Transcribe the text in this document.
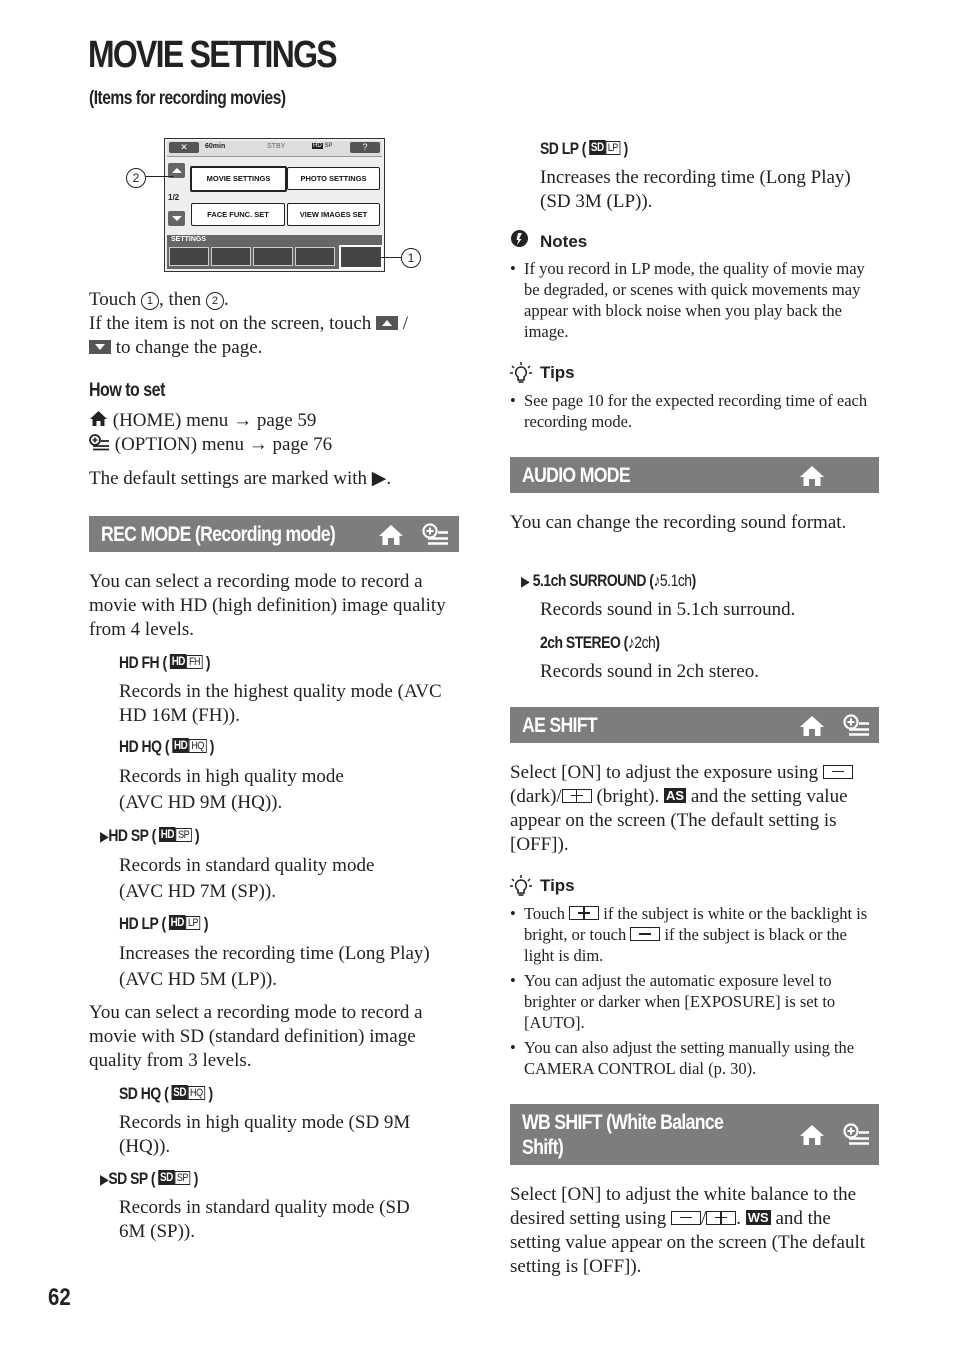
MOVIE SETTINGS
(Items for recording movies)
✕	60min	STBY	HD SP	?
1/2
MOVIE SETTINGS	PHOTO SETTINGS
FACE FUNC. SET	VIEW IMAGES SET
SETTINGS
2
1
Touch 1 , then 2 .
If the item is not on the screen, touch
/
to change the page.
How to set
(HOME) menu → page 59
(OPTION) menu → page 76
The default settings are marked with ▶.
REC MODE (Recording mode)
You can select a recording mode to record a movie with HD (high definition) image quality from 4 levels.
HD FH ( HD FH )
Records in the highest quality mode (AVC
HD 16M (FH)).
HD HQ ( HD HQ )
Records in high quality mode
(AVC HD 9M (HQ)).
▶HD SP ( HD SP )
Records in standard quality mode
(AVC HD 7M (SP)).
HD LP ( HD LP )
Increases the recording time (Long Play)
(AVC HD 5M (LP)).
You can select a recording mode to record a movie with SD (standard definition) image quality from 3 levels.
SD HQ ( SD HQ )
Records in high quality mode (SD 9M
(HQ)).
▶SD SP ( SD SP )
Records in standard quality mode (SD
6M (SP)).
SD LP ( SD LP )
Increases the recording time (Long Play)
(SD 3M (LP)).
Notes
• If you record in LP mode, the quality of movie may be degraded, or scenes with quick movements may appear with block noise when you play back the image.
Tips
• See page 10 for the expected recording time of each recording mode.
AUDIO MODE
You can change the recording sound format.
▶ 5.1ch SURROUND (♪5.1ch)
Records sound in 5.1ch surround.
2ch STEREO (♪2ch)
Records sound in 2ch stereo.
AE SHIFT
Select [ON] to adjust the exposure using
(dark)/ (bright). AS and the setting value appear on the screen (The default setting is [OFF]).
Tips
• Touch if the subject is white or the backlight is bright, or touch if the subject is black or the light is dim.
• You can adjust the automatic exposure level to brighter or darker when [EXPOSURE] is set to [AUTO].
• You can also adjust the setting manually using the CAMERA CONTROL dial (p. 30).
WB SHIFT (White Balance
Shift)
Select [ON] to adjust the white balance to the desired setting using / . WS and the setting value appear on the screen (The default setting is [OFF]).
62
